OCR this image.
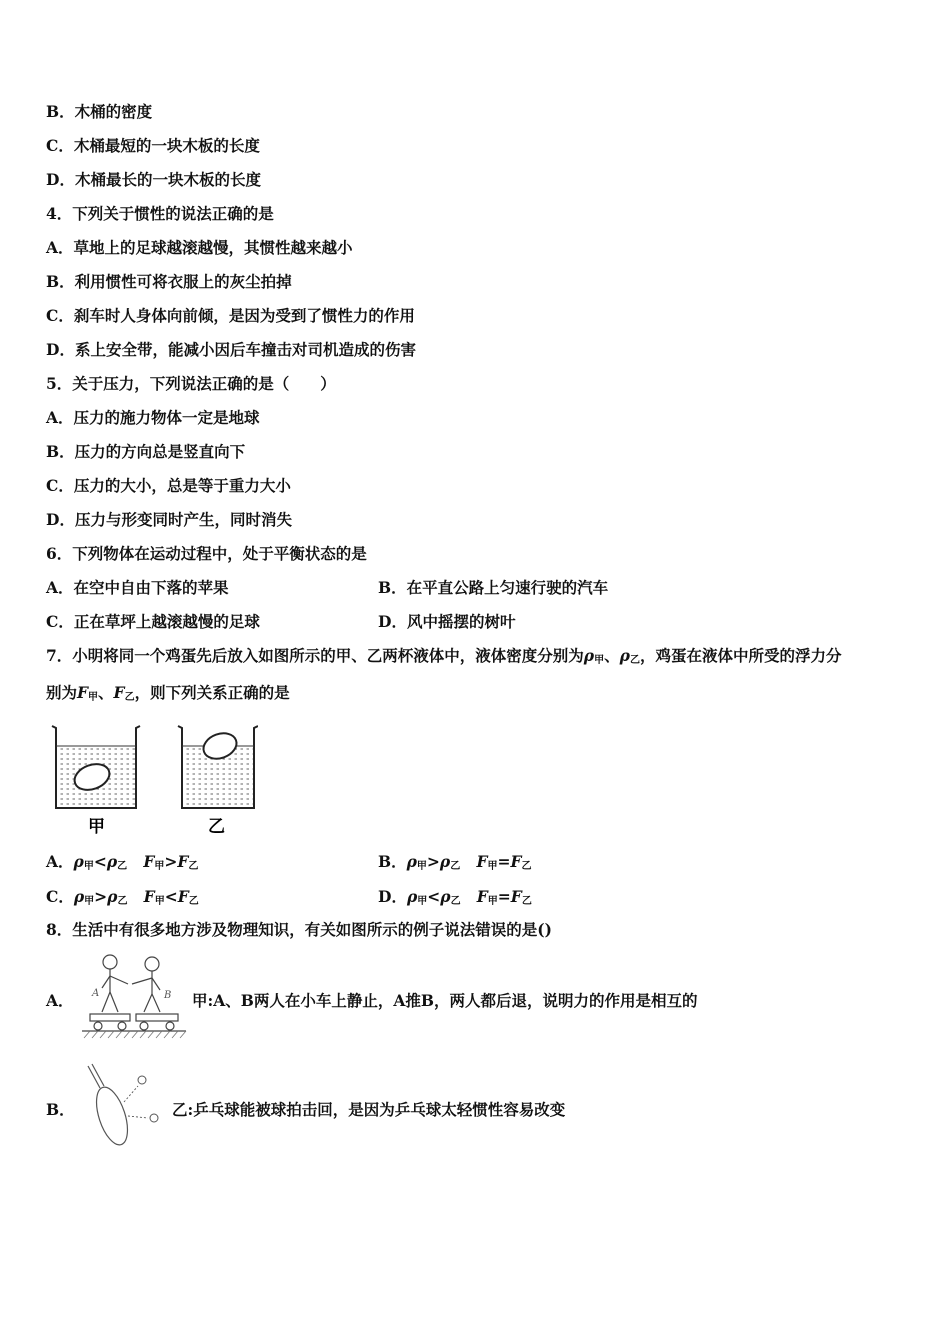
B．木桶的密度
C．木桶最短的一块木板的长度
D．木桶最长的一块木板的长度
4．下列关于惯性的说法正确的是
A．草地上的足球越滚越慢，其惯性越来越小
B．利用惯性可将衣服上的灰尘拍掉
C．刹车时人身体向前倾，是因为受到了惯性力的作用
D．系上安全带，能减小因后车撞击对司机造成的伤害
5．关于压力，下列说法正确的是（　　）
A．压力的施力物体一定是地球
B．压力的方向总是竖直向下
C．压力的大小，总是等于重力大小
D．压力与形变同时产生，同时消失
6．下列物体在运动过程中，处于平衡状态的是
A．在空中自由下落的苹果	B．在平直公路上匀速行驶的汽车
C．正在草坪上越滚越慢的足球	D．风中摇摆的树叶
7．小明将同一个鸡蛋先后放入如图所示的甲、乙两杯液体中，液体密度分别为$\rho_甲$、$\rho_乙$，鸡蛋在液体中所受的浮力分
别为$F_甲$、$F_乙$，则下列关系正确的是
甲	乙
A．$\rho_甲<\rho_乙$ $F_甲>F_乙$	B．$\rho_甲>\rho_乙$ $F_甲=F_乙$
C．$\rho_甲>\rho_乙$ $F_甲<F_乙$	D．$\rho_甲<\rho_乙$ $F_甲=F_乙$
8．生活中有很多地方涉及物理知识，有关如图所示的例子说法错误的是()
A． A	B 甲:A、B两人在小车上静止，A推B，两人都后退，说明力的作用是相互的
B．	乙:乒乓球能被球拍击回，是因为乒乓球太轻惯性容易改变
